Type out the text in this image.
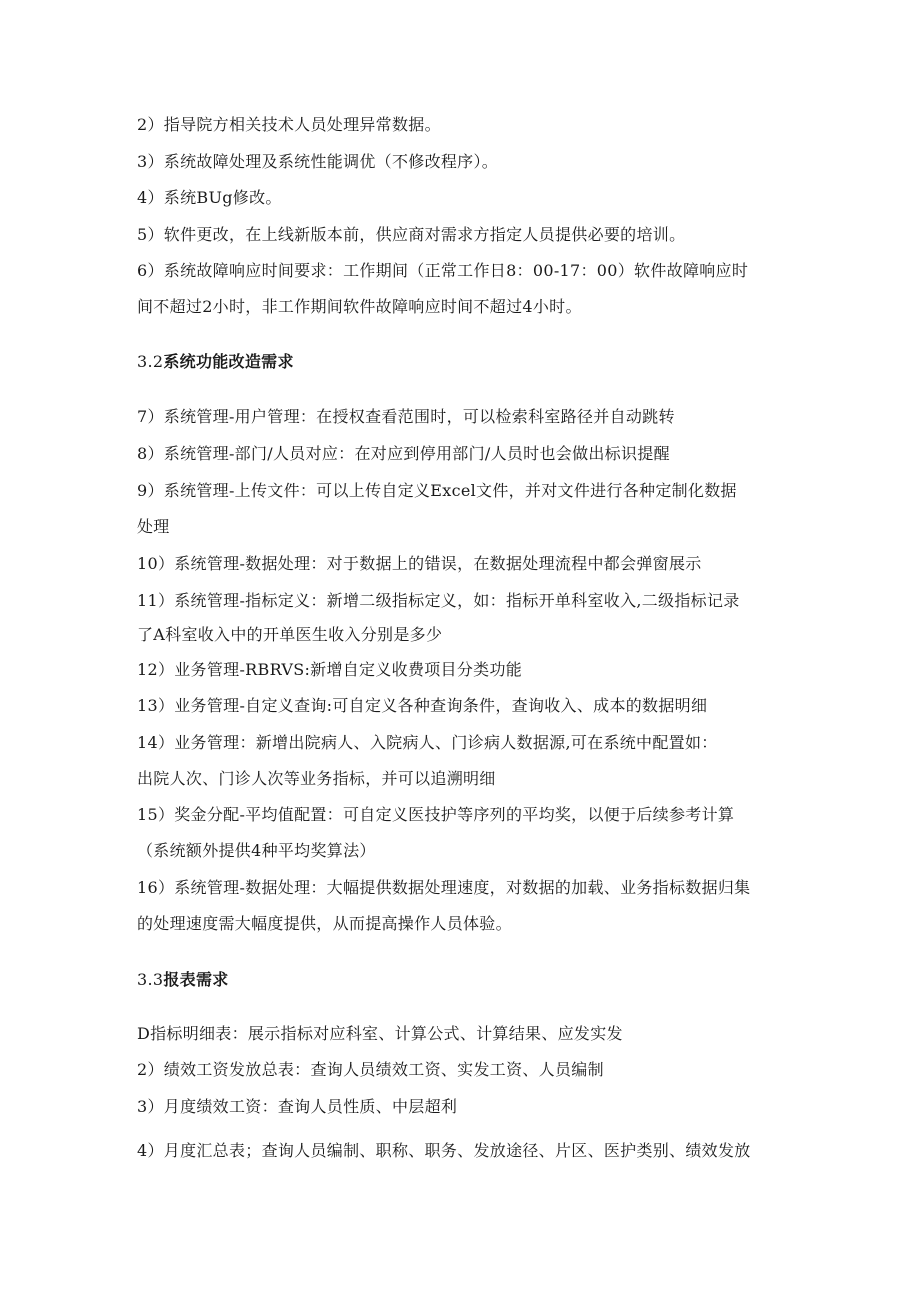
2）指导院方相关技术人员处理异常数据。
3）系统故障处理及系统性能调优（不修改程序）。
4）系统BUg修改。
5）软件更改，在上线新版本前，供应商对需求方指定人员提供必要的培训。
6）系统故障响应时间要求：工作期间（正常工作日8：00-17：00）软件故障响应时
间不超过2小时，非工作期间软件故障响应时间不超过4小时。
3.2系统功能改造需求
7）系统管理-用户管理：在授权查看范围时，可以检索科室路径并自动跳转
8）系统管理-部门/人员对应：在对应到停用部门/人员时也会做出标识提醒
9）系统管理-上传文件：可以上传自定义Excel文件，并对文件进行各种定制化数据
处理
10）系统管理-数据处理：对于数据上的错误，在数据处理流程中都会弹窗展示
11）系统管理-指标定义：新增二级指标定义，如：指标开单科室收入,二级指标记录
了A科室收入中的开单医生收入分别是多少
12）业务管理-RBRVS:新增自定义收费项目分类功能
13）业务管理-自定义查询:可自定义各种查询条件，查询收入、成本的数据明细
14）业务管理：新增出院病人、入院病人、门诊病人数据源,可在系统中配置如：
出院人次、门诊人次等业务指标，并可以追溯明细
15）奖金分配-平均值配置：可自定义医技护等序列的平均奖，以便于后续参考计算
（系统额外提供4种平均奖算法）
16）系统管理-数据处理：大幅提供数据处理速度，对数据的加载、业务指标数据归集
的处理速度需大幅度提供，从而提高操作人员体验。
3.3报表需求
D指标明细表：展示指标对应科室、计算公式、计算结果、应发实发
2）绩效工资发放总表：查询人员绩效工资、实发工资、人员编制
3）月度绩效工资：查询人员性质、中层超利
4）月度汇总表；查询人员编制、职称、职务、发放途径、片区、医护类别、绩效发放
